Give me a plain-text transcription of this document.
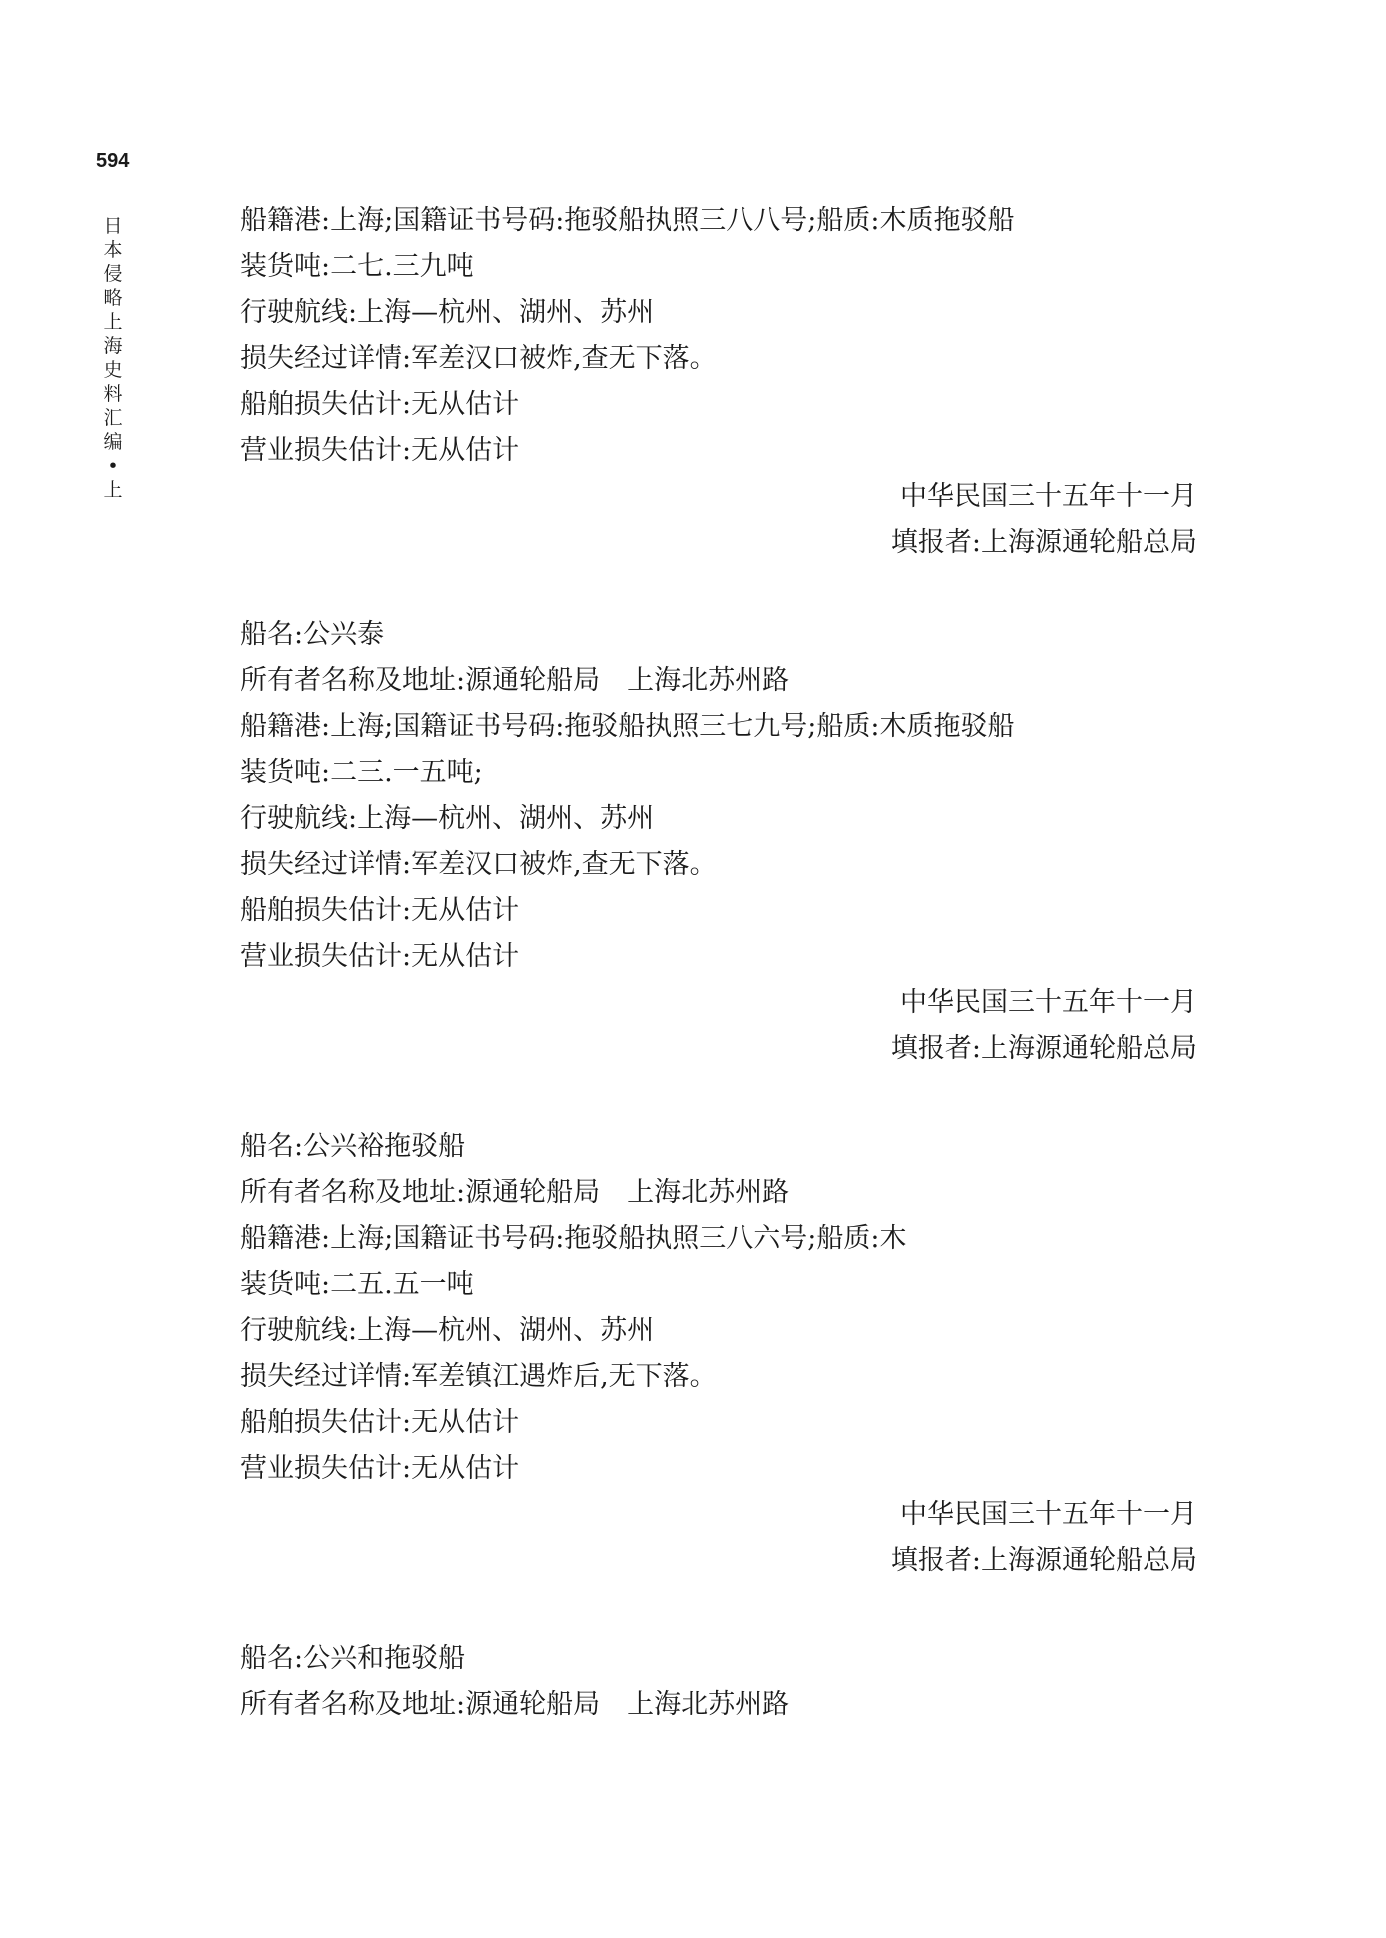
594
日本侵略上海史料汇编•上
船籍港:上海;国籍证书号码:拖驳船执照三八八号;船质:木质拖驳船
装货吨:二七.三九吨
行驶航线:上海—杭州、湖州、苏州
损失经过详情:军差汉口被炸,查无下落。
船舶损失估计:无从估计
营业损失估计:无从估计
中华民国三十五年十一月
填报者:上海源通轮船总局
船名:公兴泰
所有者名称及地址:源通轮船局　上海北苏州路
船籍港:上海;国籍证书号码:拖驳船执照三七九号;船质:木质拖驳船
装货吨:二三.一五吨;
行驶航线:上海—杭州、湖州、苏州
损失经过详情:军差汉口被炸,查无下落。
船舶损失估计:无从估计
营业损失估计:无从估计
中华民国三十五年十一月
填报者:上海源通轮船总局
船名:公兴裕拖驳船
所有者名称及地址:源通轮船局　上海北苏州路
船籍港:上海;国籍证书号码:拖驳船执照三八六号;船质:木
装货吨:二五.五一吨
行驶航线:上海—杭州、湖州、苏州
损失经过详情:军差镇江遇炸后,无下落。
船舶损失估计:无从估计
营业损失估计:无从估计
中华民国三十五年十一月
填报者:上海源通轮船总局
船名:公兴和拖驳船
所有者名称及地址:源通轮船局　上海北苏州路
